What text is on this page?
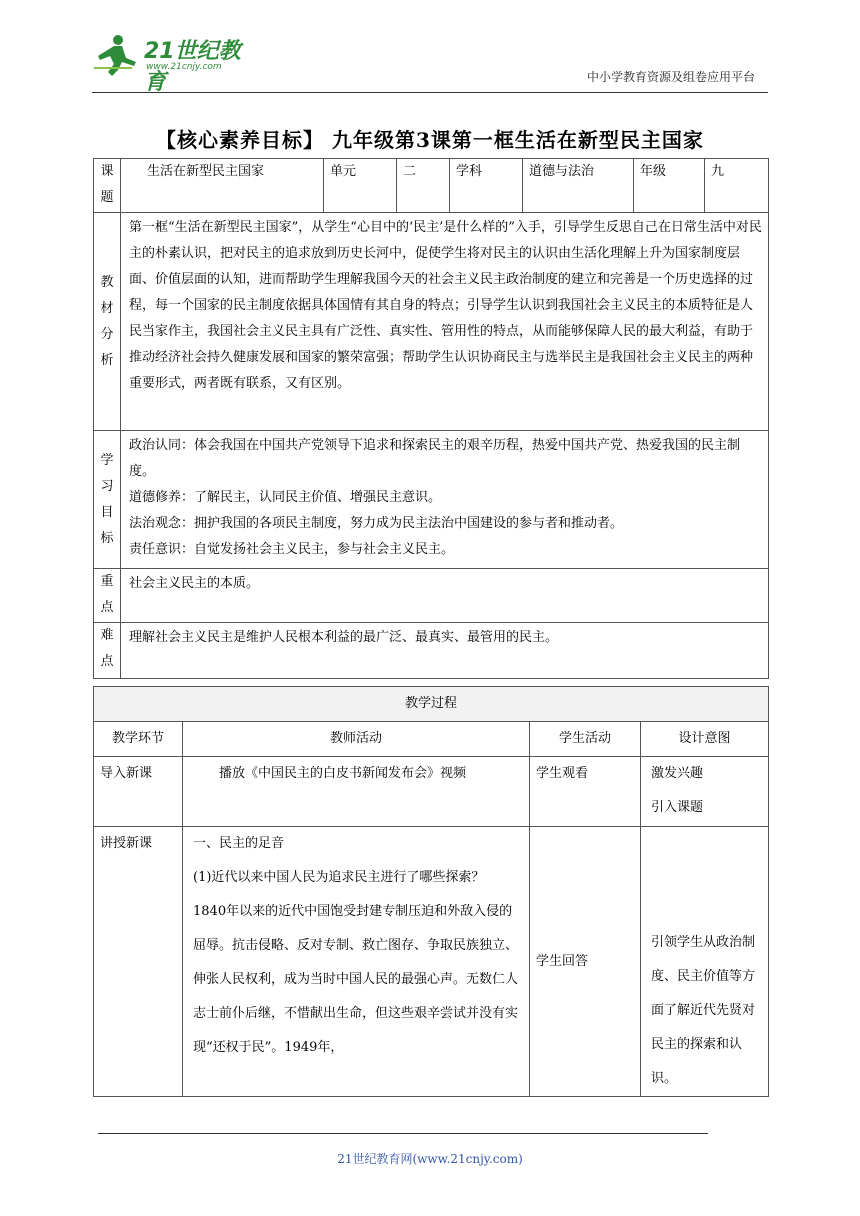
21世纪教育
www.21cnjy.com
中小学教育资源及组卷应用平台
【核心素养目标】 九年级第3课第一框生活在新型民主国家
课题	生活在新型民主国家	单元	二	学科	道德与法治	年级	九
教材分析	第一框“生活在新型民主国家”，从学生“心目中的‘民主’是什么样的”入手，引导学生反思自己在日常生活中对民主的朴素认识，把对民主的追求放到历史长河中，促使学生将对民主的认识由生活化理解上升为国家制度层面、价值层面的认知，进而帮助学生理解我国今天的社会主义民主政治制度的建立和完善是一个历史选择的过程，每一个国家的民主制度依据具体国情有其自身的特点；引导学生认识到我国社会主义民主的本质特征是人民当家作主，我国社会主义民主具有广泛性、真实性、管用性的特点，从而能够保障人民的最大利益，有助于推动经济社会持久健康发展和国家的繁荣富强；帮助学生认识协商民主与选举民主是我国社会主义民主的两种重要形式，两者既有联系，又有区别。						
学习目标	政治认同：体会我国在中国共产党领导下追求和探索民主的艰辛历程，热爱中国共产党、热爱我国的民主制度。
道德修养：了解民主，认同民主价值、增强民主意识。
法治观念：拥护我国的各项民主制度，努力成为民主法治中国建设的参与者和推动者。
责任意识：自觉发扬社会主义民主，参与社会主义民主。						

重点	社会主义民主的本质。						
难点	理解社会主义民主是维护人民根本利益的最广泛、最真实、最管用的民主。						
教学过程			
教学环节	教师活动	学生活动	设计意图
导入新课	播放《中国民主的白皮书新闻发布会》视频	学生观看	激发兴趣
引入课题

讲授新课	一、民主的足音
(1)近代以来中国人民为追求民主进行了哪些探索？
1840年以来的近代中国饱受封建专制压迫和外敌入侵的屈辱。抗击侵略、反对专制、救亡图存、争取民族独立、伸张人民权利，成为当时中国人民的最强心声。无数仁人志士前仆后继，不惜献出生命，但这些艰辛尝试并没有实现“还权于民”。1949年，	学生回答	引领学生从政治制度、民主价值等方面了解近代先贤对民主的探索和认识。
21世纪教育网(www.21cnjy.com)
